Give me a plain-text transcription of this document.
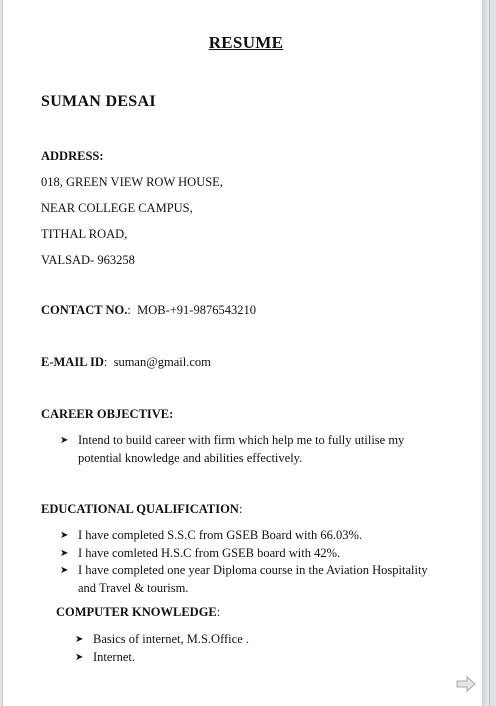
RESUME
SUMAN DESAI
ADDRESS:
018, GREEN VIEW ROW HOUSE,
NEAR COLLEGE CAMPUS,
TITHAL ROAD,
VALSAD- 963258
CONTACT NO.: MOB-+91-9876543210
E-MAIL ID: suman@gmail.com
CAREER OBJECTIVE:
➤ Intend to build career with firm which help me to fully utilise my potential knowledge and abilities effectively.
EDUCATIONAL QUALIFICATION:
➤ I have completed S.S.C from GSEB Board with 66.03%.
➤ I have comleted H.S.C from GSEB board with 42%.
➤ I have completed one year Diploma course in the Aviation Hospitality and Travel & tourism.
COMPUTER KNOWLEDGE:
➤ Basics of internet, M.S.Office .
➤ Internet.
